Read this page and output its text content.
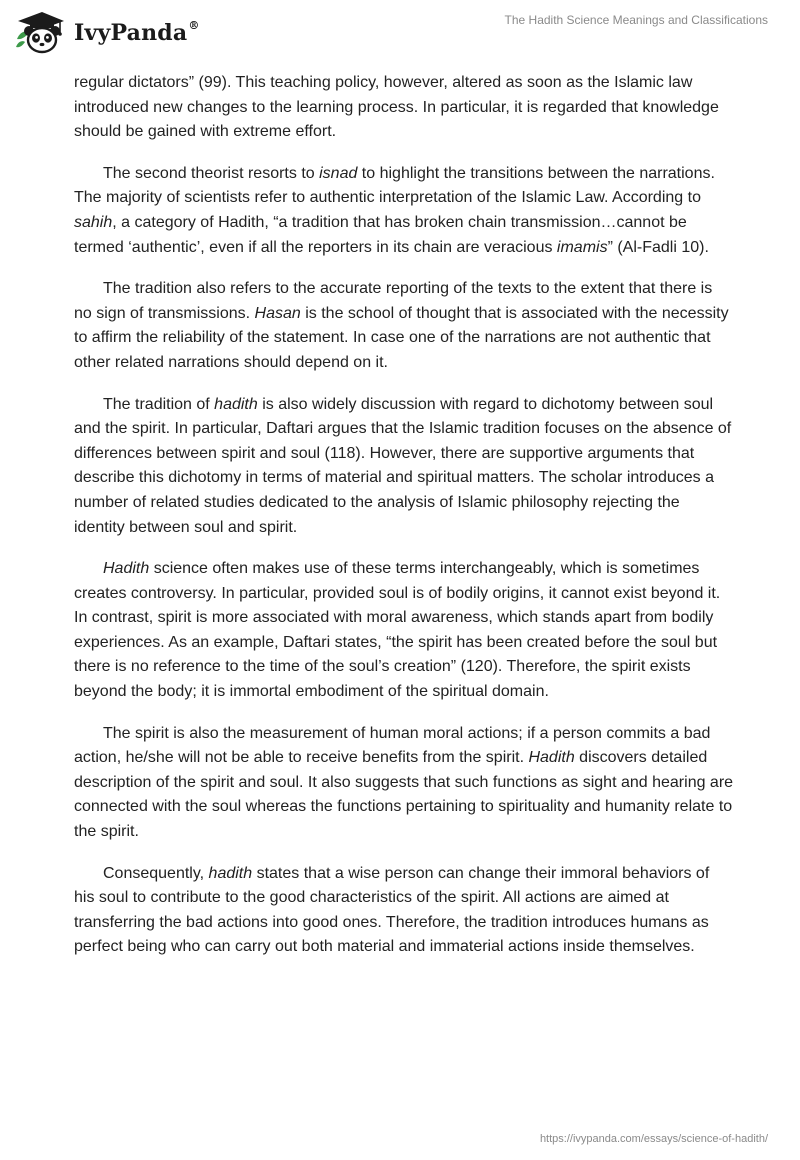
IvyPanda®	The Hadith Science Meanings and Classifications

regular dictators” (99). This teaching policy, however, altered as soon as the Islamic law introduced new changes to the learning process. In particular, it is regarded that knowledge should be gained with extreme effort.

The second theorist resorts to isnad to highlight the transitions between the narrations. The majority of scientists refer to authentic interpretation of the Islamic Law. According to sahih, a category of Hadith, “a tradition that has broken chain transmission…cannot be termed ‘authentic’, even if all the reporters in its chain are veracious imamis” (Al-Fadli 10).

The tradition also refers to the accurate reporting of the texts to the extent that there is no sign of transmissions. Hasan is the school of thought that is associated with the necessity to affirm the reliability of the statement. In case one of the narrations are not authentic that other related narrations should depend on it.

The tradition of hadith is also widely discussion with regard to dichotomy between soul and the spirit. In particular, Daftari argues that the Islamic tradition focuses on the absence of differences between spirit and soul (118). However, there are supportive arguments that describe this dichotomy in terms of material and spiritual matters. The scholar introduces a number of related studies dedicated to the analysis of Islamic philosophy rejecting the identity between soul and spirit.

Hadith science often makes use of these terms interchangeably, which is sometimes creates controversy. In particular, provided soul is of bodily origins, it cannot exist beyond it. In contrast, spirit is more associated with moral awareness, which stands apart from bodily experiences. As an example, Daftari states, “the spirit has been created before the soul but there is no reference to the time of the soul’s creation” (120). Therefore, the spirit exists beyond the body; it is immortal embodiment of the spiritual domain.

The spirit is also the measurement of human moral actions; if a person commits a bad action, he/she will not be able to receive benefits from the spirit. Hadith discovers detailed description of the spirit and soul. It also suggests that such functions as sight and hearing are connected with the soul whereas the functions pertaining to spirituality and humanity relate to the spirit.

Consequently, hadith states that a wise person can change their immoral behaviors of his soul to contribute to the good characteristics of the spirit. All actions are aimed at transferring the bad actions into good ones. Therefore, the tradition introduces humans as perfect being who can carry out both material and immaterial actions inside themselves.

https://ivypanda.com/essays/science-of-hadith/
